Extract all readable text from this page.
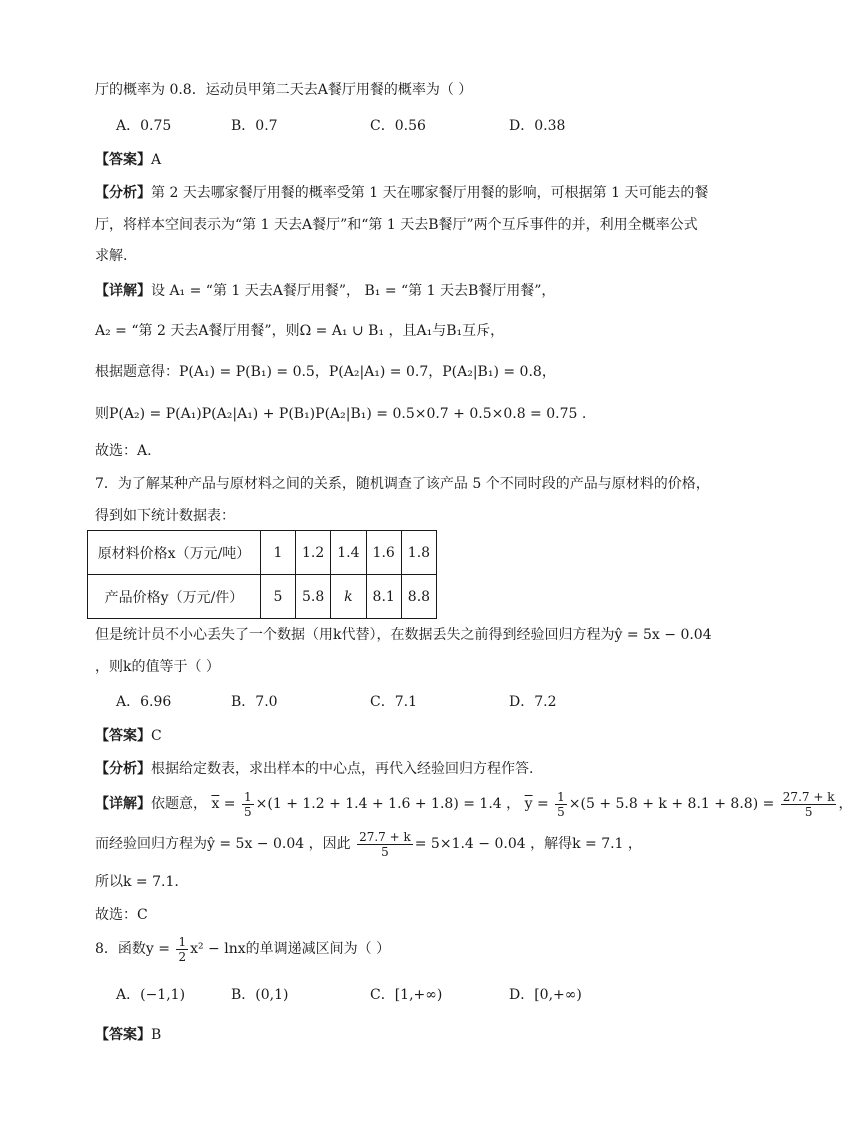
厅的概率为 0.8．运动员甲第二天去A餐厅用餐的概率为（ ）
A．0.75	B．0.7	C．0.56	D．0.38
【答案】A
【分析】第 2 天去哪家餐厅用餐的概率受第 1 天在哪家餐厅用餐的影响，可根据第 1 天可能去的餐
厅，将样本空间表示为“第 1 天去A餐厅”和“第 1 天去B餐厅”两个互斥事件的并，利用全概率公式
求解.
【详解】设 A₁ = “第 1 天去A餐厅用餐”， B₁ = “第 1 天去B餐厅用餐”，
A₂ = “第 2 天去A餐厅用餐”，则Ω = A₁ ∪ B₁ ，且A₁与B₁互斥，
根据题意得：P(A₁) = P(B₁) = 0.5，P(A₂|A₁) = 0.7，P(A₂|B₁) = 0.8，
则P(A₂) = P(A₁)P(A₂|A₁) + P(B₁)P(A₂|B₁) = 0.5×0.7 + 0.5×0.8 = 0.75 .
故选：A.
7．为了解某种产品与原材料之间的关系，随机调查了该产品 5 个不同时段的产品与原材料的价格，
得到如下统计数据表：
原材料价格x（万元/吨）	1	1.2	1.4	1.6	1.8
产品价格y（万元/件）	5	5.8	k	8.1	8.8
但是统计员不小心丢失了一个数据（用k代替），在数据丢失之前得到经验回归方程为ŷ = 5x − 0.04
，则k的值等于（ ）
A．6.96	B．7.0	C．7.1	D．7.2
【答案】C
【分析】根据给定数表，求出样本的中心点，再代入经验回归方程作答.
【详解】依题意， $\overline{x} = \frac{1}{5} \times(1 + 1.2 + 1.4 + 1.6 + 1.8) = 1.4$ ， $\overline{y} = \frac{1}{5} \times(5 + 5.8 + k + 8.1 + 8.8) = \frac{27.7 + k}{5}$ ，
而经验回归方程为ŷ = 5x − 0.04 ，因此 $\frac{27.7 + k}{5} = 5\times 1.4 - 0.04$ ，解得k = 7.1 ，
所以k = 7.1.
故选：C
8．函数$y = \frac{1}{2} x^2 - \ln x$的单调递减区间为（ ）
A．(−1,1)	B．(0,1)	C．[1,+∞)	D．[0,+∞)
【答案】B
